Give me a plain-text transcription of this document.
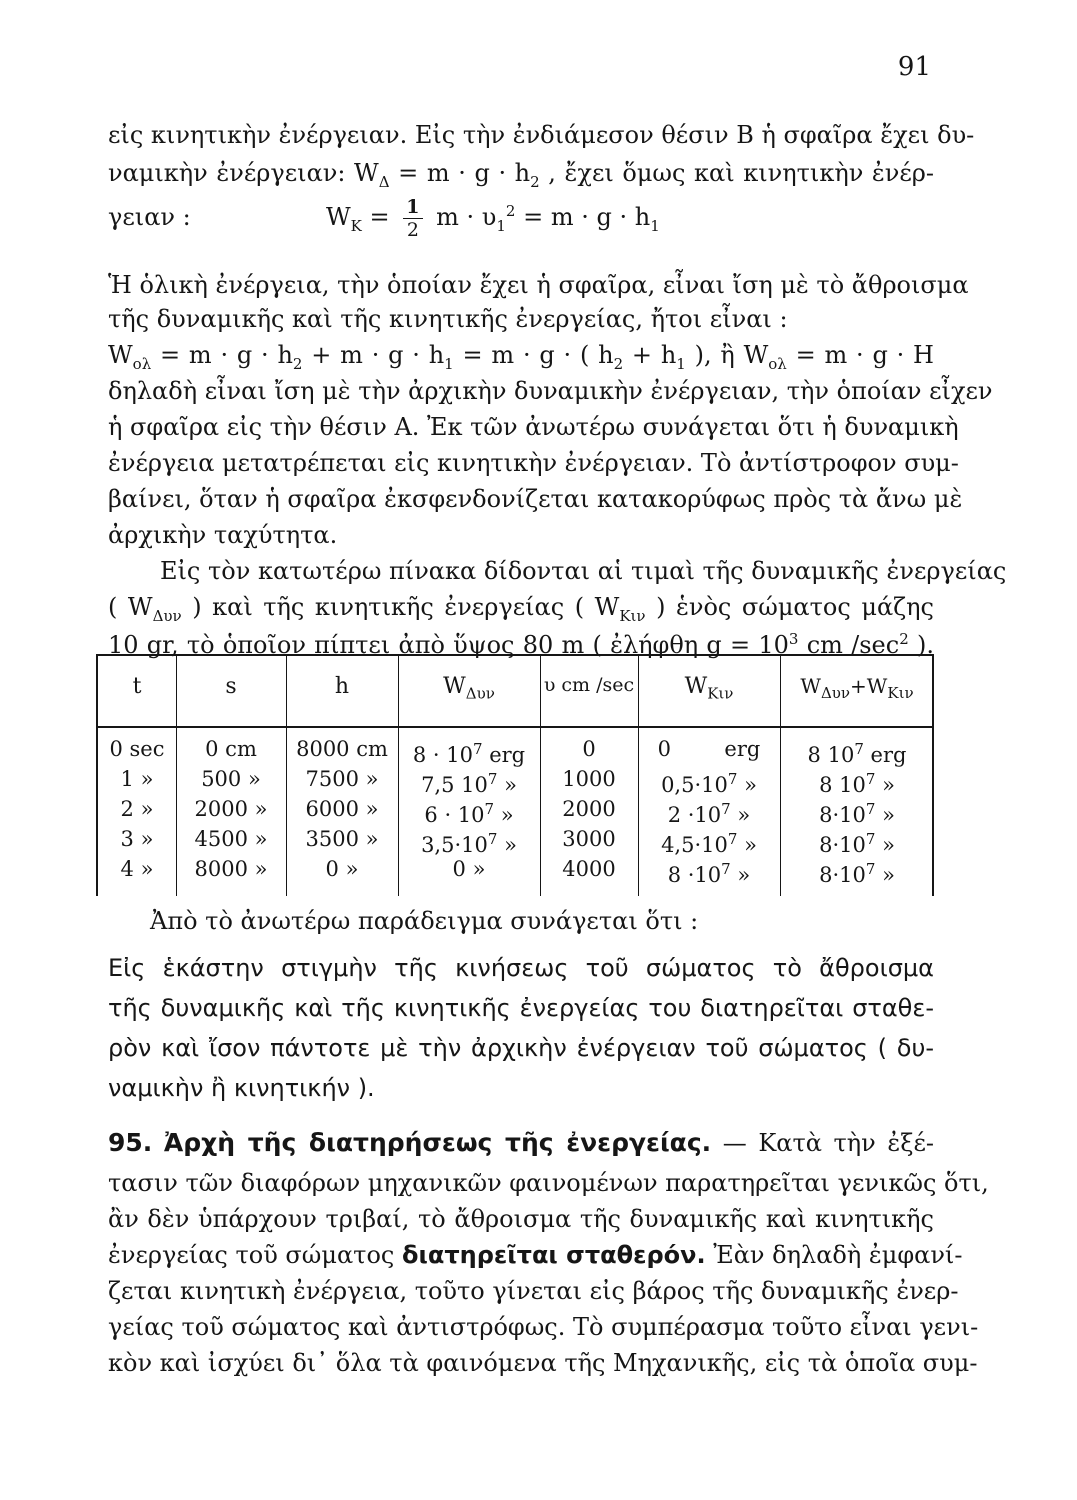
91
εἰς κινητικὴν ἐνέργειαν. Εἰς τὴν ἐνδιάμεσον θέσιν Β ἡ σφαῖρα ἔχει δυ-
ναμικὴν ἐνέργειαν: $W_\Delta = m \cdot g \cdot h_2$ , ἔχει ὅμως καὶ κινητικὴν ἐνέρ-
γειαν :	$W_K = \frac{1}{2}$ $m \cdot \upsilon_1^2 = m \cdot g \cdot h_1$
Ἡ ὁλικὴ ἐνέργεια, τὴν ὁποίαν ἔχει ἡ σφαῖρα, εἶναι ἴση μὲ τὸ ἄθροισμα
τῆς δυναμικῆς καὶ τῆς κινητικῆς ἐνεργείας, ἤτοι εἶναι :
$W_{o\lambda} = m \cdot g \cdot h_2 + m \cdot g \cdot h_1 = m \cdot g$ · ( $h_2 + h_1$ ), ἢ $W_{o\lambda} = m \cdot g \cdot H$
δηλαδὴ εἶναι ἴση μὲ τὴν ἀρχικὴν δυναμικὴν ἐνέργειαν, τὴν ὁποίαν εἶχεν
ἡ σφαῖρα εἰς τὴν θέσιν Α. Ἐκ τῶν ἀνωτέρω συνάγεται ὅτι ἡ δυναμικὴ
ἐνέργεια μετατρέπεται εἰς κινητικὴν ἐνέργειαν. Τὸ ἀντίστροφον συμ-
βαίνει, ὅταν ἡ σφαῖρα ἐκσφενδονίζεται κατακορύφως πρὸς τὰ ἄνω μὲ
ἀρχικὴν ταχύτητα.
Εἰς τὸν κατωτέρω πίνακα δίδονται αἱ τιμαὶ τῆς δυναμικῆς ἐνεργείας
( $W_{\Delta\upsilon\nu}$ ) καὶ τῆς κινητικῆς ἐνεργείας ( $W_{K\iota\nu}$ ) ἑνὸς σώματος μάζης
10 gr, τὸ ὁποῖον πίπτει ἀπὸ ὕψος 80 m ( ἐλήφθη $g = 10^3$ cm $/\sec^2$ ).
t	s	h	$W_{\Delta\upsilon\nu}$	υ cm /sec	$W_{K\iota\nu}$	$W_{\Delta\upsilon\nu}+W_{K\iota\nu}$
0 sec	0 cm	8000 cm	$8 \cdot 10^7$ erg	0	0        erg	8 $10^7$ erg
1 »	500 »	7500 »	7,5 $10^7$ »	1000	$0,5\cdot 10^7$ »	8 $10^7$ »
2 »	2000 »	6000 »	$6 \cdot 10^7$ »	2000	$2 \cdot 10^7$ »	$8\cdot 10^7$ »
3 »	4500 »	3500 »	$3,5\cdot 10^7$ »	3000	$4,5\cdot 10^7$ »	$8\cdot 10^7$ »
4 »	8000 »	0 »	0 »	4000	$8 \cdot 10^7$ »	$8\cdot 10^7$ »
Ἀπὸ τὸ ἀνωτέρω παράδειγμα συνάγεται ὅτι :
Εἰς ἑκάστην στιγμὴν τῆς κινήσεως τοῦ σώματος τὸ ἄθροισμα
τῆς δυναμικῆς καὶ τῆς κινητικῆς ἐνεργείας του διατηρεῖται σταθε-
ρὸν καὶ ἴσον πάντοτε μὲ τὴν ἀρχικὴν ἐνέργειαν τοῦ σώματος ( δυ-
ναμικὴν ἢ κινητικήν ).
95. Ἀρχὴ τῆς διατηρήσεως τῆς ἐνεργείας. — Κατὰ τὴν ἐξέ-
τασιν τῶν διαφόρων μηχανικῶν φαινομένων παρατηρεῖται γενικῶς ὅτι,
ἂν δὲν ὑπάρχουν τριβαί, τὸ ἄθροισμα τῆς δυναμικῆς καὶ κινητικῆς
ἐνεργείας τοῦ σώματος διατηρεῖται σταθερόν. Ἐὰν δηλαδὴ ἐμφανί-
ζεται κινητικὴ ἐνέργεια, τοῦτο γίνεται εἰς βάρος τῆς δυναμικῆς ἐνερ-
γείας τοῦ σώματος καὶ ἀντιστρόφως. Τὸ συμπέρασμα τοῦτο εἶναι γενι-
κὸν καὶ ἰσχύει δι᾽ ὅλα τὰ φαινόμενα τῆς Μηχανικῆς, εἰς τὰ ὁποῖα συμ-
